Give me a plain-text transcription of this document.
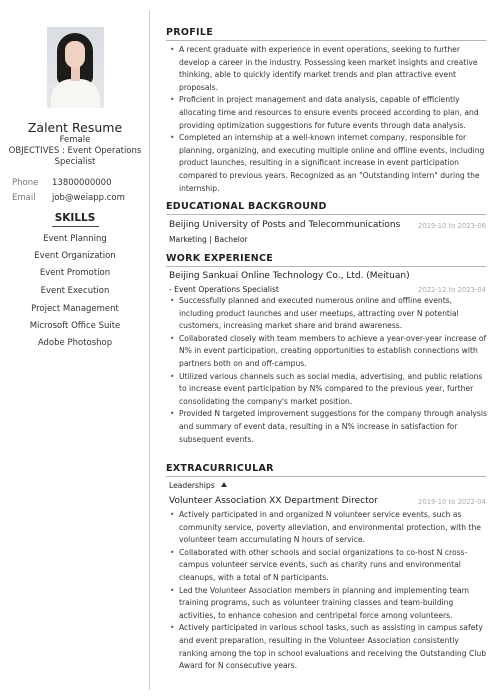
Zalent Resume
Female
OBJECTIVES : Event Operations Specialist
Phone 13800000000
Email job@weiapp.com
SKILLS
Event Planning
Event Organization
Event Promotion
Event Execution
Project Management
Microsoft Office Suite
Adobe Photoshop
PROFILE
• A recent graduate with experience in event operations, seeking to further develop a career in the industry. Possessing keen market insights and creative thinking, able to quickly identify market trends and plan attractive event proposals.
• Proficient in project management and data analysis, capable of efficiently allocating time and resources to ensure events proceed according to plan, and providing optimization suggestions for future events through data analysis.
• Completed an internship at a well-known internet company, responsible for planning, organizing, and executing multiple online and offline events, including product launches, resulting in a significant increase in event participation compared to previous years. Recognized as an "Outstanding Intern" during the internship.
EDUCATIONAL BACKGROUND
Beijing University of Posts and Telecommunications	2019-10 to 2023-06
Marketing | Bachelor
WORK EXPERIENCE
Beijing Sankuai Online Technology Co., Ltd. (Meituan)
- Event Operations Specialist	2022-12 to 2023-04
• Successfully planned and executed numerous online and offline events, including product launches and user meetups, attracting over N potential customers, increasing market share and brand awareness.
• Collaborated closely with team members to achieve a year-over-year increase of N% in event participation, creating opportunities to establish connections with partners both on and off-campus.
• Utilized various channels such as social media, advertising, and public relations to increase event participation by N% compared to the previous year, further consolidating the company's market position.
• Provided N targeted improvement suggestions for the company through analysis and summary of event data, resulting in a N% increase in satisfaction for subsequent events.
EXTRACURRICULAR
Leaderships
Volunteer Association XX Department Director	2019-10 to 2022-04
• Actively participated in and organized N volunteer service events, such as community service, poverty alleviation, and environmental protection, with the volunteer team accumulating N hours of service.
• Collaborated with other schools and social organizations to co-host N cross-campus volunteer service events, such as charity runs and environmental cleanups, with a total of N participants.
• Led the Volunteer Association members in planning and implementing team training programs, such as volunteer training classes and team-building activities, to enhance cohesion and centripetal force among volunteers.
• Actively participated in various school tasks, such as assisting in campus safety and event preparation, resulting in the Volunteer Association consistently ranking among the top in school evaluations and receiving the Outstanding Club Award for N consecutive years.
